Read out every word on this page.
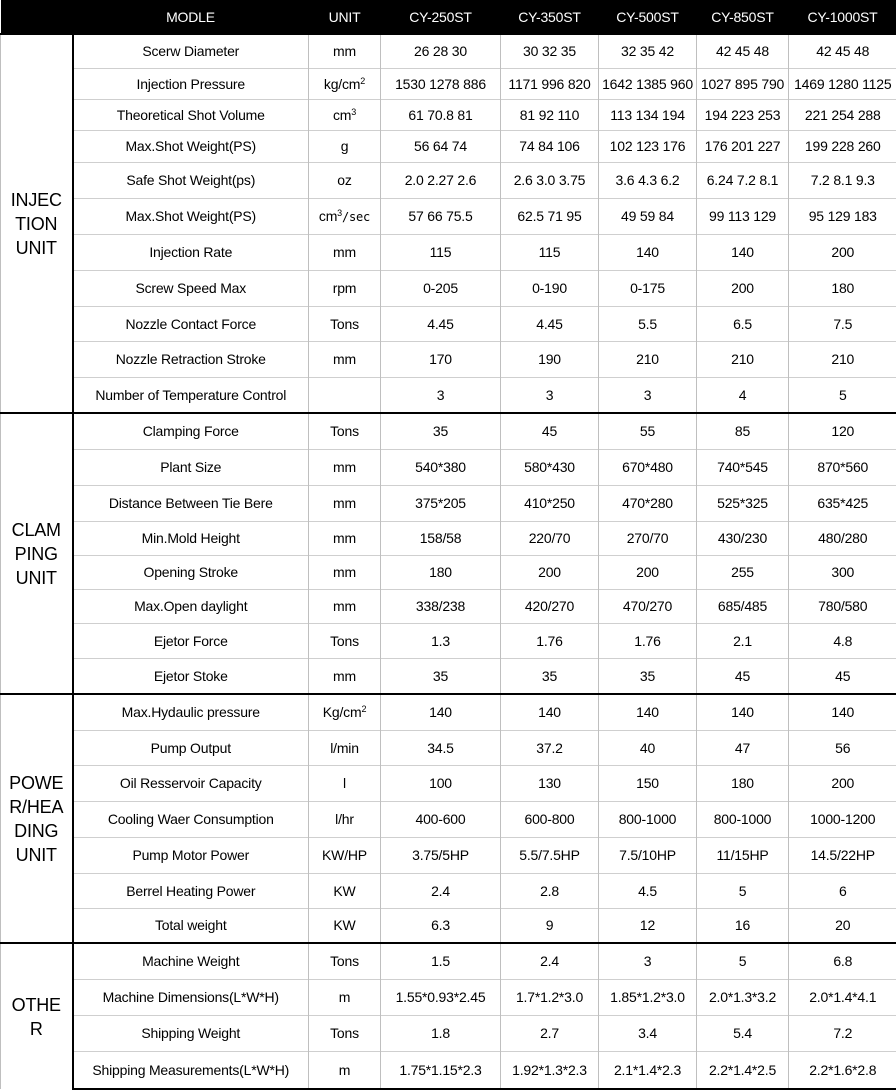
	MODLE	UNIT	CY-250ST	CY-350ST	CY-500ST	CY-850ST	CY-1000ST

INJEC
TION
UNIT	Scerw Diameter	mm	26 28 30	30 32 35	32 35 42	42 45 48	42 45 48
	Injection Pressure	$kg/cm^2$	1530 1278 886	1171 996 820	1642 1385 960	1027 895 790	1469 1280 1125
	Theoretical Shot Volume	$cm^3$	61 70.8 81	81 92 110	113 134 194	194 223 253	221 254 288
	Max.Shot Weight(PS)	g	56 64 74	74 84 106	102 123 176	176 201 227	199 228 260
	Safe Shot Weight(ps)	oz	2.0 2.27 2.6	2.6 3.0 3.75	3.6 4.3 6.2	6.24 7.2 8.1	7.2 8.1 9.3
	Max.Shot Weight(PS)	$cm^3/\sec$	57 66 75.5	62.5 71 95	49 59 84	99 113 129	95 129 183
	Injection Rate	mm	115	115	140	140	200
	Screw Speed Max	rpm	0-205	0-190	0-175	200	180
	Nozzle Contact Force	Tons	4.45	4.45	5.5	6.5	7.5
	Nozzle Retraction Stroke	mm	170	190	210	210	210
	Number of Temperature Control		3	3	3	4	5

CLAM
PING
UNIT	Clamping Force	Tons	35	45	55	85	120
	Plant Size	mm	540*380	580*430	670*480	740*545	870*560
	Distance Between Tie Bere	mm	375*205	410*250	470*280	525*325	635*425
	Min.Mold Height	mm	158/58	220/70	270/70	430/230	480/280
	Opening Stroke	mm	180	200	200	255	300
	Max.Open daylight	mm	338/238	420/270	470/270	685/485	780/580
	Ejetor Force	Tons	1.3	1.76	1.76	2.1	4.8
	Ejetor Stoke	mm	35	35	35	45	45

POWE
R/HEA
DING
UNIT	Max.Hydaulic pressure	$Kg/cm^2$	140	140	140	140	140
	Pump Output	l/min	34.5	37.2	40	47	56
	Oil Resservoir Capacity	l	100	130	150	180	200
	Cooling Waer Consumption	l/hr	400-600	600-800	800-1000	800-1000	1000-1200
	Pump Motor Power	KW/HP	3.75/5HP	5.5/7.5HP	7.5/10HP	11/15HP	14.5/22HP
	Berrel Heating Power	KW	2.4	2.8	4.5	5	6
	Total weight	KW	6.3	9	12	16	20

OTHE
R	Machine Weight	Tons	1.5	2.4	3	5	6.8
	Machine Dimensions(L*W*H)	m	1.55*0.93*2.45	1.7*1.2*3.0	1.85*1.2*3.0	2.0*1.3*3.2	2.0*1.4*4.1
	Shipping Weight	Tons	1.8	2.7	3.4	5.4	7.2
	Shipping Measurements(L*W*H)	m	1.75*1.15*2.3	1.92*1.3*2.3	2.1*1.4*2.3	2.2*1.4*2.5	2.2*1.6*2.8
